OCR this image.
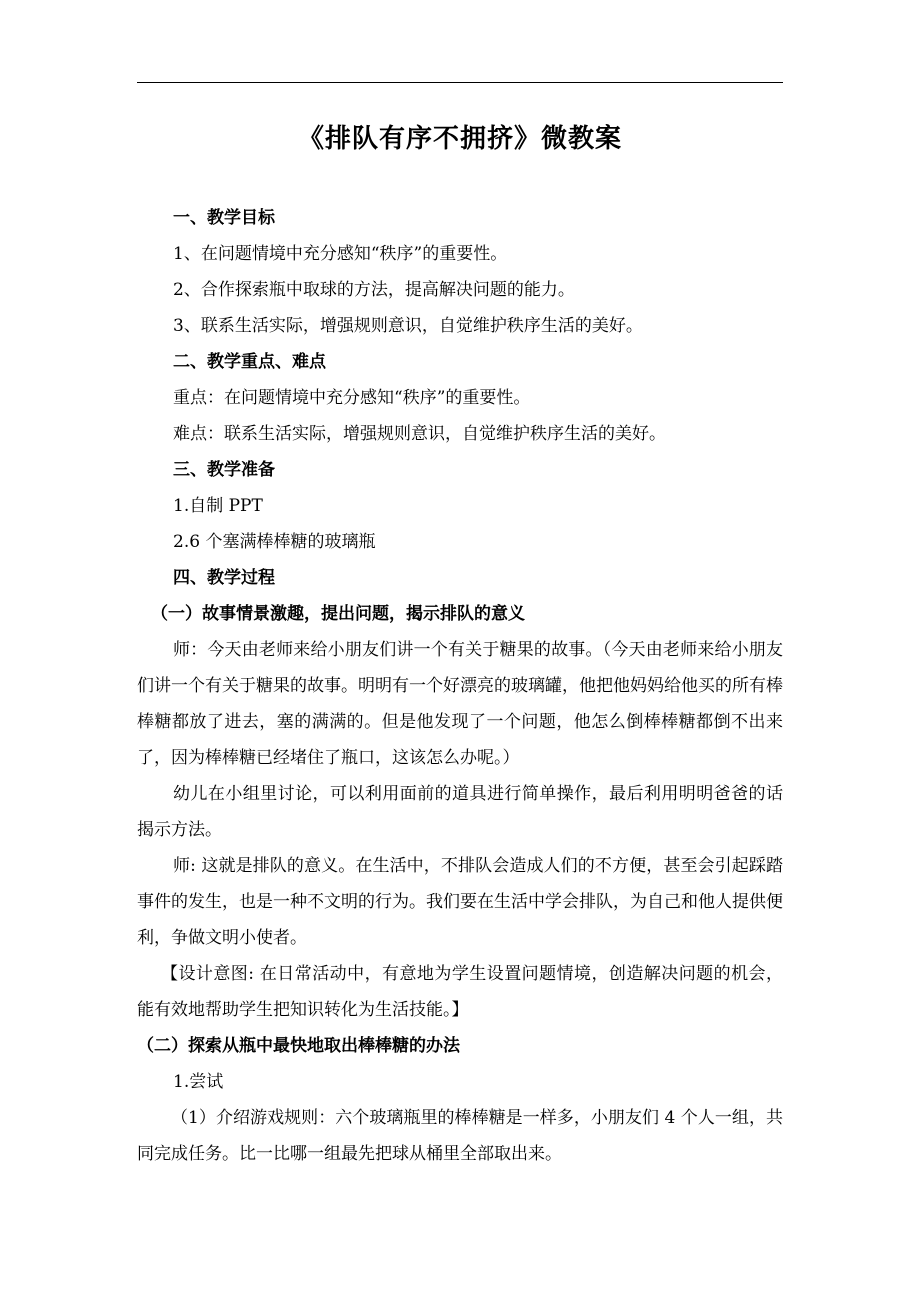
《排队有序不拥挤》微教案

一、教学目标

1、在问题情境中充分感知“秩序”的重要性。

2、合作探索瓶中取球的方法，提高解决问题的能力。

3、联系生活实际，增强规则意识，自觉维护秩序生活的美好。

二、教学重点、难点

重点：在问题情境中充分感知“秩序”的重要性。

难点：联系生活实际，增强规则意识，自觉维护秩序生活的美好。

三、教学准备

1.自制 PPT

2.6 个塞满棒棒糖的玻璃瓶

四、教学过程

（一）故事情景激趣，提出问题，揭示排队的意义

师：今天由老师来给小朋友们讲一个有关于糖果的故事。（今天由老师来给小朋友们讲一个有关于糖果的故事。明明有一个好漂亮的玻璃罐，他把他妈妈给他买的所有棒棒糖都放了进去，塞的满满的。但是他发现了一个问题，他怎么倒棒棒糖都倒不出来了，因为棒棒糖已经堵住了瓶口，这该怎么办呢。）

幼儿在小组里讨论，可以利用面前的道具进行简单操作，最后利用明明爸爸的话揭示方法。

师: 这就是排队的意义。在生活中，不排队会造成人们的不方便，甚至会引起踩踏事件的发生，也是一种不文明的行为。我们要在生活中学会排队，为自己和他人提供便利，争做文明小使者。

【设计意图: 在日常活动中，有意地为学生设置问题情境，创造解决问题的机会，能有效地帮助学生把知识转化为生活技能。】

（二）探索从瓶中最快地取出棒棒糖的办法

1.尝试

（1）介绍游戏规则：六个玻璃瓶里的棒棒糖是一样多，小朋友们 4 个人一组，共同完成任务。比一比哪一组最先把球从桶里全部取出来。
